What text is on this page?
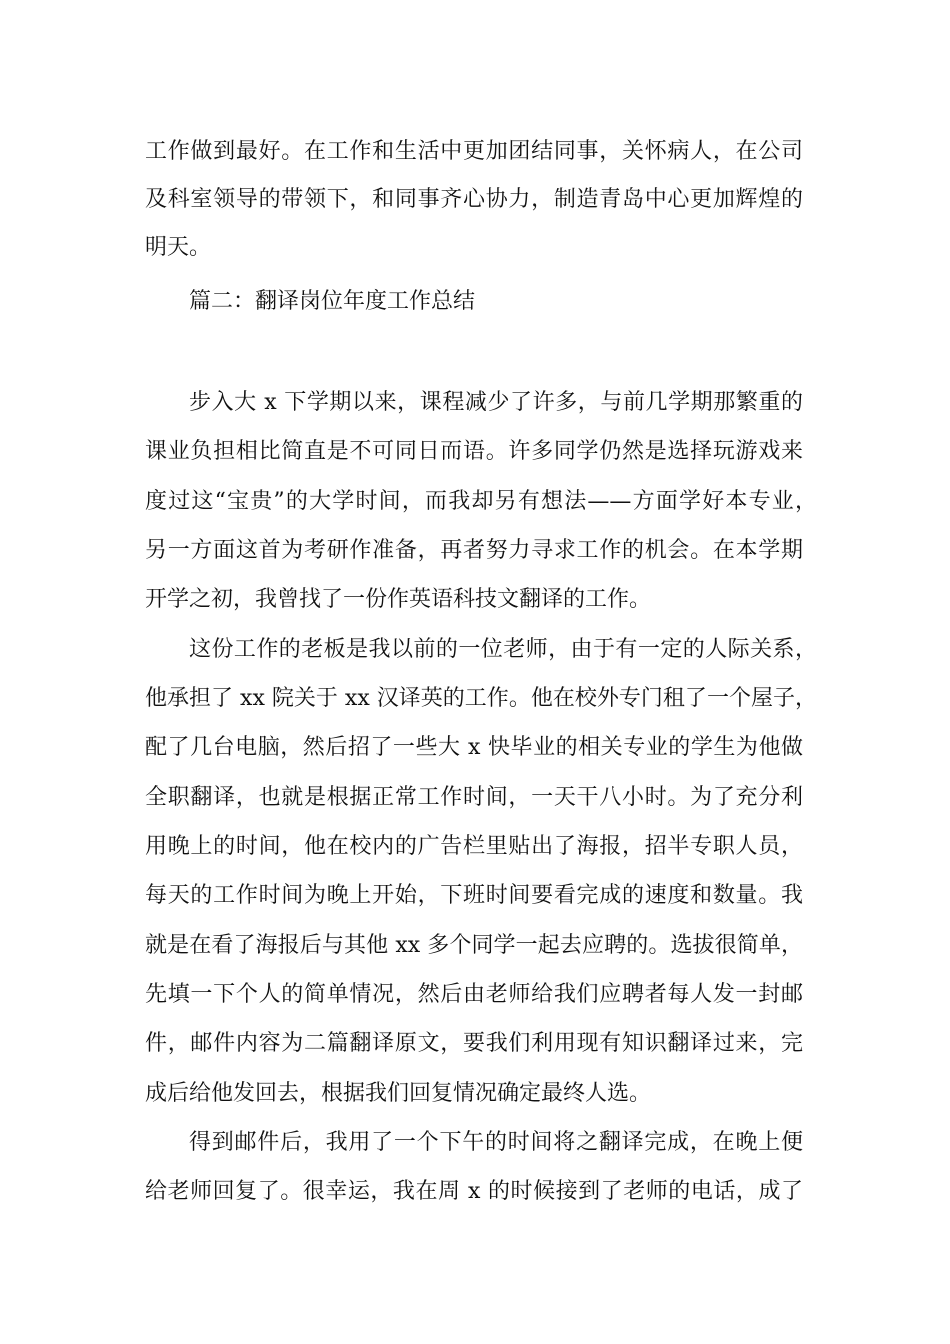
工作做到最好。在工作和生活中更加团结同事，关怀病人，在公司
及科室领导的带领下，和同事齐心协力，制造青岛中心更加辉煌的
明天。
篇二：翻译岗位年度工作总结
步入大 x 下学期以来，课程减少了许多，与前几学期那繁重的
课业负担相比简直是不可同日而语。许多同学仍然是选择玩游戏来
度过这“宝贵”的大学时间，而我却另有想法——方面学好本专业，
另一方面这首为考研作准备，再者努力寻求工作的机会。在本学期
开学之初，我曾找了一份作英语科技文翻译的工作。
这份工作的老板是我以前的一位老师，由于有一定的人际关系，
他承担了 xx 院关于 xx 汉译英的工作。他在校外专门租了一个屋子，
配了几台电脑，然后招了一些大 x 快毕业的相关专业的学生为他做
全职翻译，也就是根据正常工作时间，一天干八小时。为了充分利
用晚上的时间，他在校内的广告栏里贴出了海报，招半专职人员，
每天的工作时间为晚上开始，下班时间要看完成的速度和数量。我
就是在看了海报后与其他 xx 多个同学一起去应聘的。选拔很简单，
先填一下个人的简单情况，然后由老师给我们应聘者每人发一封邮
件，邮件内容为二篇翻译原文，要我们利用现有知识翻译过来，完
成后给他发回去，根据我们回复情况确定最终人选。
得到邮件后，我用了一个下午的时间将之翻译完成，在晚上便
给老师回复了。很幸运，我在周 x 的时候接到了老师的电话，成了
